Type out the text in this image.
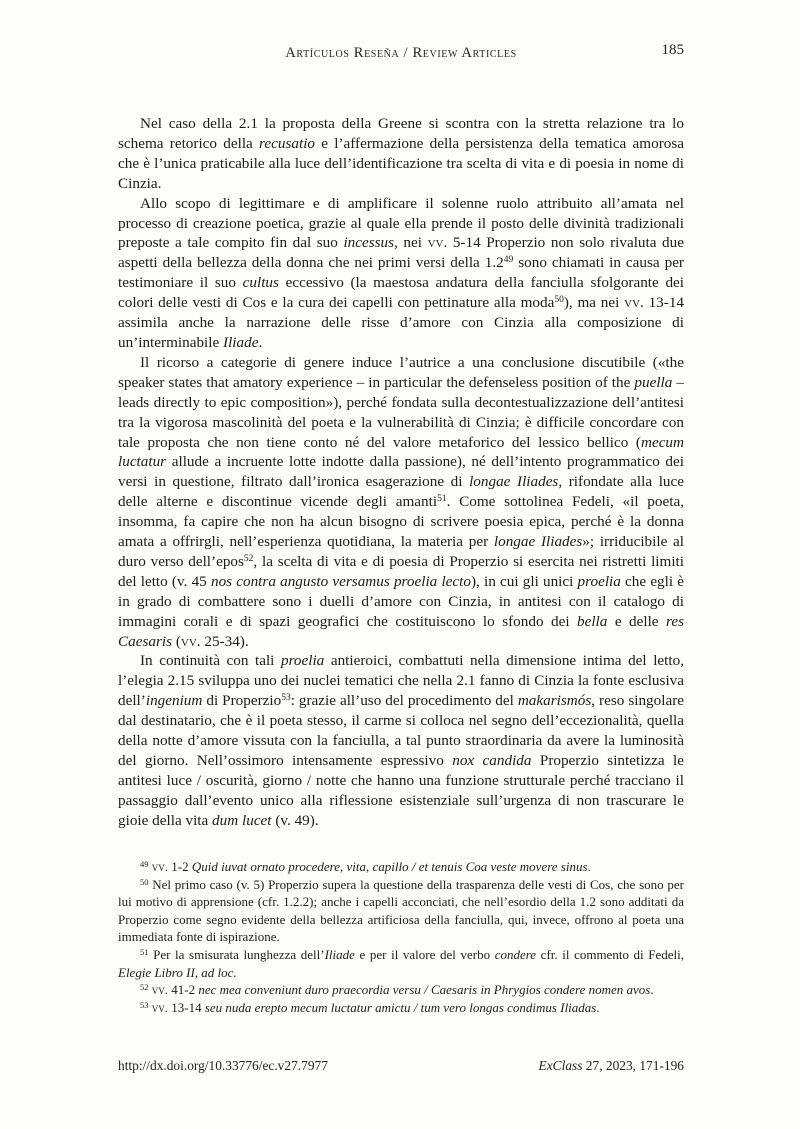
Artículos Reseña / Review Articles	185

Nel caso della 2.1 la proposta della Greene si scontra con la stretta relazione tra lo schema retorico della recusatio e l’affermazione della persistenza della tematica amorosa che è l’unica praticabile alla luce dell’identificazione tra scelta di vita e di poesia in nome di Cinzia.

Allo scopo di legittimare e di amplificare il solenne ruolo attribuito all’amata nel processo di creazione poetica, grazie al quale ella prende il posto delle divinità tradizionali preposte a tale compito fin dal suo incessus, nei vv. 5-14 Properzio non solo rivaluta due aspetti della bellezza della donna che nei primi versi della $1.2^{49}$ sono chiamati in causa per testimoniare il suo cultus eccessivo (la maestosa andatura della fanciulla sfolgorante dei colori delle vesti di Cos e la cura dei capelli con pettinature alla moda$^{50}$), ma nei vv. 13-14 assimila anche la narrazione delle risse d’amore con Cinzia alla composizione di un’interminabile Iliade.

Il ricorso a categorie di genere induce l’autrice a una conclusione discutibile («the speaker states that amatory experience – in particular the defenseless position of the puella – leads directly to epic composition»), perché fondata sulla decontestualizzazione dell’antitesi tra la vigorosa mascolinità del poeta e la vulnerabilità di Cinzia; è difficile concordare con tale proposta che non tiene conto né del valore metaforico del lessico bellico (mecum luctatur allude a incruente lotte indotte dalla passione), né dell’intento programmatico dei versi in questione, filtrato dall’ironica esagerazione di longae Iliades, rifondate alla luce delle alterne e discontinue vicende degli amanti$^{51}$. Come sottolinea Fedeli, «il poeta, insomma, fa capire che non ha alcun bisogno di scrivere poesia epica, perché è la donna amata a offrirgli, nell’esperienza quotidiana, la materia per longae Iliades»; irriducibile al duro verso dell’epos$^{52}$, la scelta di vita e di poesia di Properzio si esercita nei ristretti limiti del letto (v. 45 nos contra angusto versamus proelia lecto), in cui gli unici proelia che egli è in grado di combattere sono i duelli d’amore con Cinzia, in antitesi con il catalogo di immagini corali e di spazi geografici che costituiscono lo sfondo dei bella e delle res Caesaris (vv. 25-34).

In continuità con tali proelia antieroici, combattuti nella dimensione intima del letto, l’elegia 2.15 sviluppa uno dei nuclei tematici che nella 2.1 fanno di Cinzia la fonte esclusiva dell’ingenium di Properzio$^{53}$: grazie all’uso del procedimento del makarismós, reso singolare dal destinatario, che è il poeta stesso, il carme si colloca nel segno dell’eccezionalità, quella della notte d’amore vissuta con la fanciulla, a tal punto straordinaria da avere la luminosità del giorno. Nell’ossimoro intensamente espressivo nox candida Properzio sintetizza le antitesi luce / oscurità, giorno / notte che hanno una funzione strutturale perché tracciano il passaggio dall’evento unico alla riflessione esistenziale sull’urgenza di non trascurare le gioie della vita dum lucet (v. 49).

$^{49}$ vv. 1-2 Quid iuvat ornato procedere, vita, capillo / et tenuis Coa veste movere sinus.

$^{50}$ Nel primo caso (v. 5) Properzio supera la questione della trasparenza delle vesti di Cos, che sono per lui motivo di apprensione (cfr. 1.2.2); anche i capelli acconciati, che nell’esordio della 1.2 sono additati da Properzio come segno evidente della bellezza artificiosa della fanciulla, qui, invece, offrono al poeta una immediata fonte di ispirazione.

$^{51}$ Per la smisurata lunghezza dell’Iliade e per il valore del verbo condere cfr. il commento di Fedeli, Elegie Libro II, ad loc.

$^{52}$ vv. 41-2 nec mea conveniunt duro praecordia versu / Caesaris in Phrygios condere nomen avos.

$^{53}$ vv. 13-14 seu nuda erepto mecum luctatur amictu / tum vero longas condimus Iliadas.

http://dx.doi.org/10.33776/ec.v27.7977	ExClass 27, 2023, 171-196
